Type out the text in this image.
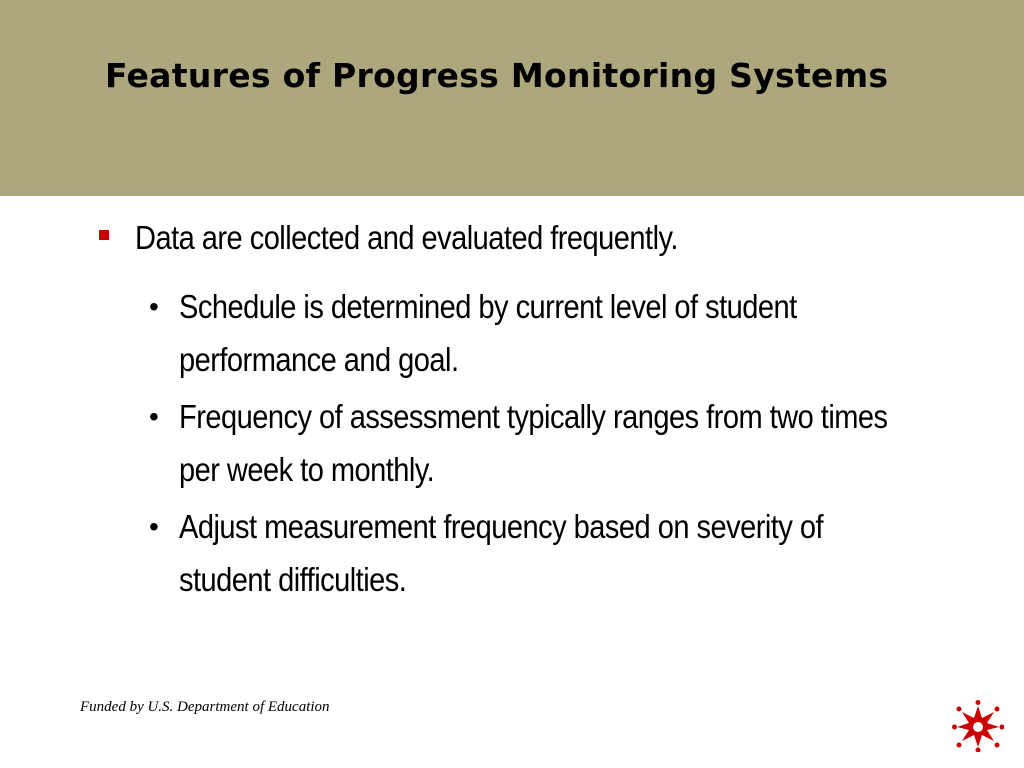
Features of Progress Monitoring Systems
Data are collected and evaluated frequently.
• Schedule is determined by current level of student performance and goal.
• Frequency of assessment typically ranges from two times per week to monthly.
• Adjust measurement frequency based on severity of student difficulties.
Funded by U.S. Department of Education
